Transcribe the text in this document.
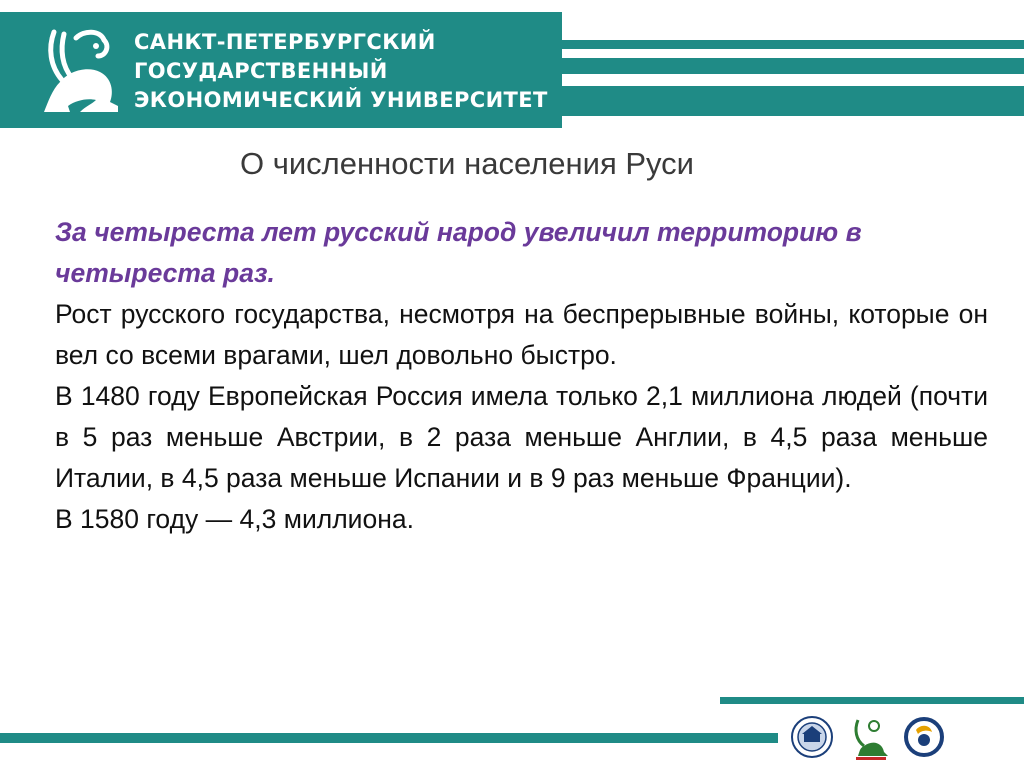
САНКТ-ПЕТЕРБУРГСКИЙ
ГОСУДАРСТВЕННЫЙ
ЭКОНОМИЧЕСКИЙ УНИВЕРСИТЕТ
О численности населения Руси

За четыреста лет русский народ увеличил территорию в четыреста раз.

Рост русского государства, несмотря на беспрерывные войны, которые он вел со всеми врагами, шел довольно быстро.

В 1480 году Европейская Россия имела только 2,1 миллиона людей (почти в 5 раз меньше Австрии, в 2 раза меньше Англии, в 4,5 раза меньше Италии, в 4,5 раза меньше Испании и в 9 раз меньше Франции).

В 1580 году — 4,3 миллиона.
